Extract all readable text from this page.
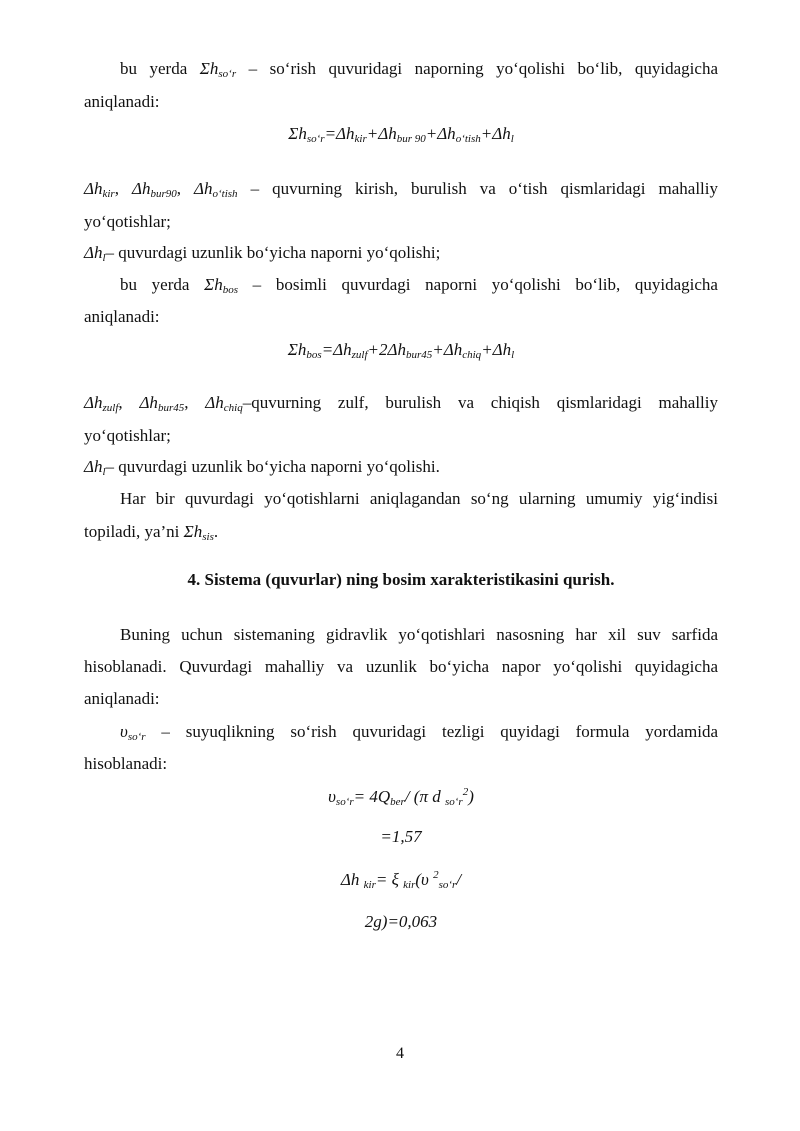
bu yerda $\Sigma h_{so‘r}$ – so‘rish quvuridagi naporning yo‘qolishi bo‘lib, quyidagicha
aniqlanadi:
$\Sigma h_{so‘r}=\Delta h_{kir}+\Delta h_{bur 90}+\Delta h_{o‘tish}+\Delta h_l$
$\Delta h_{kir}$, $\Delta h_{bur90}$, $\Delta h_{o‘tish}$ – quvurning kirish, burulish va o‘tish qismlaridagi mahalliy
yo‘qotishlar;
$\Delta h_l-$ quvurdagi uzunlik bo‘yicha naporni yo‘qolishi;
bu yerda $\Sigma h_{bos}$ – bosimli quvurdagi naporni yo‘qolishi bo‘lib, quyidagicha
aniqlanadi:
$\Sigma h_{bos}=\Delta h_{zulf}+2\Delta h_{bur45}+\Delta h_{chiq}+\Delta h_l$
$\Delta h_{zulf}$, $\Delta h_{bur45}$, $\Delta h_{chiq}$–quvurning zulf, burulish va chiqish qismlaridagi mahalliy
yo‘qotishlar;
$\Delta h_l-$ quvurdagi uzunlik bo‘yicha naporni yo‘qolishi.
Har bir quvurdagi yo‘qotishlarni aniqlagandan so‘ng ularning umumiy yig‘indisi
topiladi, ya’ni $\Sigma h_{sis}$.
4. Sistema (quvurlar) ning bosim xarakteristikasini qurish.
Buning uchun sistemaning gidravlik yo‘qotishlari nasosning har xil suv sarfida
hisoblanadi. Quvurdagi mahalliy va uzunlik bo‘yicha napor yo‘qolishi quyidagicha
aniqlanadi:
$\upsilon_{so‘r}$ – suyuqlikning so‘rish quvuridagi tezligi quyidagi formula yordamida
hisoblanadi:
$\upsilon_{so‘r}= 4Q_{ber}/$ (π d $_{so‘r}^2$)
=1,57
Δh $_{kir}$= ξ $_{kir}$(υ $^2_{so‘r}$/
2g)=0,063
4
